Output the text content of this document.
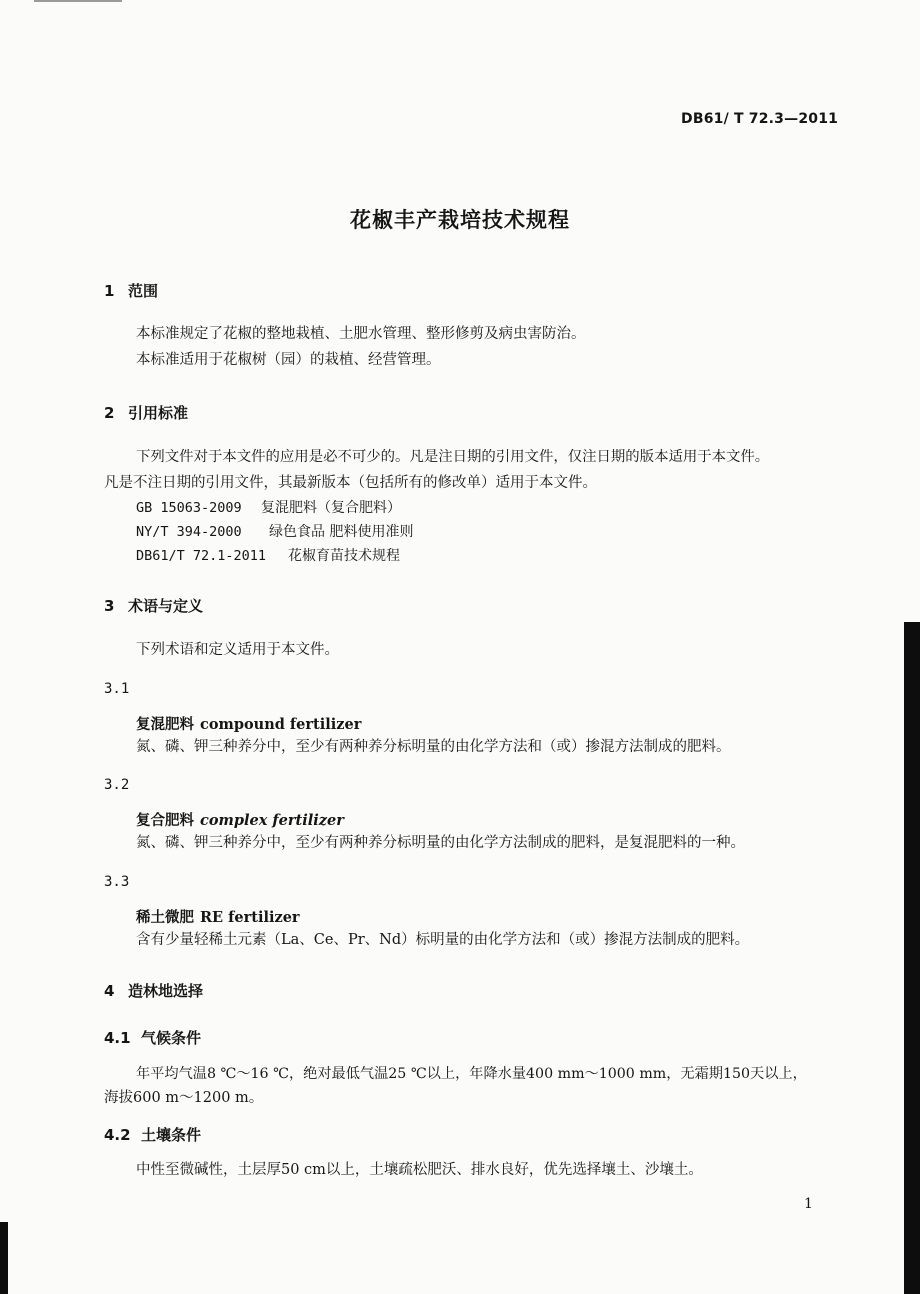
DB61/ T 72.3—2011
花椒丰产栽培技术规程
1 范围
本标准规定了花椒的整地栽植、土肥水管理、整形修剪及病虫害防治。
本标准适用于花椒树（园）的栽植、经营管理。
2 引用标准
下列文件对于本文件的应用是必不可少的。凡是注日期的引用文件，仅注日期的版本适用于本文件。
凡是不注日期的引用文件，其最新版本（包括所有的修改单）适用于本文件。
GB 15063-2009 复混肥料（复合肥料）
NY/T 394-2000 绿色食品 肥料使用准则
DB61/T 72.1-2011 花椒育苗技术规程
3 术语与定义
下列术语和定义适用于本文件。
3.1
复混肥料 compound fertilizer
氮、磷、钾三种养分中，至少有两种养分标明量的由化学方法和（或）掺混方法制成的肥料。
3.2
复合肥料 complex fertilizer
氮、磷、钾三种养分中，至少有两种养分标明量的由化学方法制成的肥料，是复混肥料的一种。
3.3
稀土微肥 RE fertilizer
含有少量轻稀土元素（La、Ce、Pr、Nd）标明量的由化学方法和（或）掺混方法制成的肥料。
4 造林地选择
4.1 气候条件
年平均气温8 ℃～16 ℃，绝对最低气温25 ℃以上，年降水量400 mm～1000 mm，无霜期150天以上，
海拔600 m～1200 m。
4.2 土壤条件
中性至微碱性，土层厚50 cm以上，土壤疏松肥沃、排水良好，优先选择壤土、沙壤土。
1
